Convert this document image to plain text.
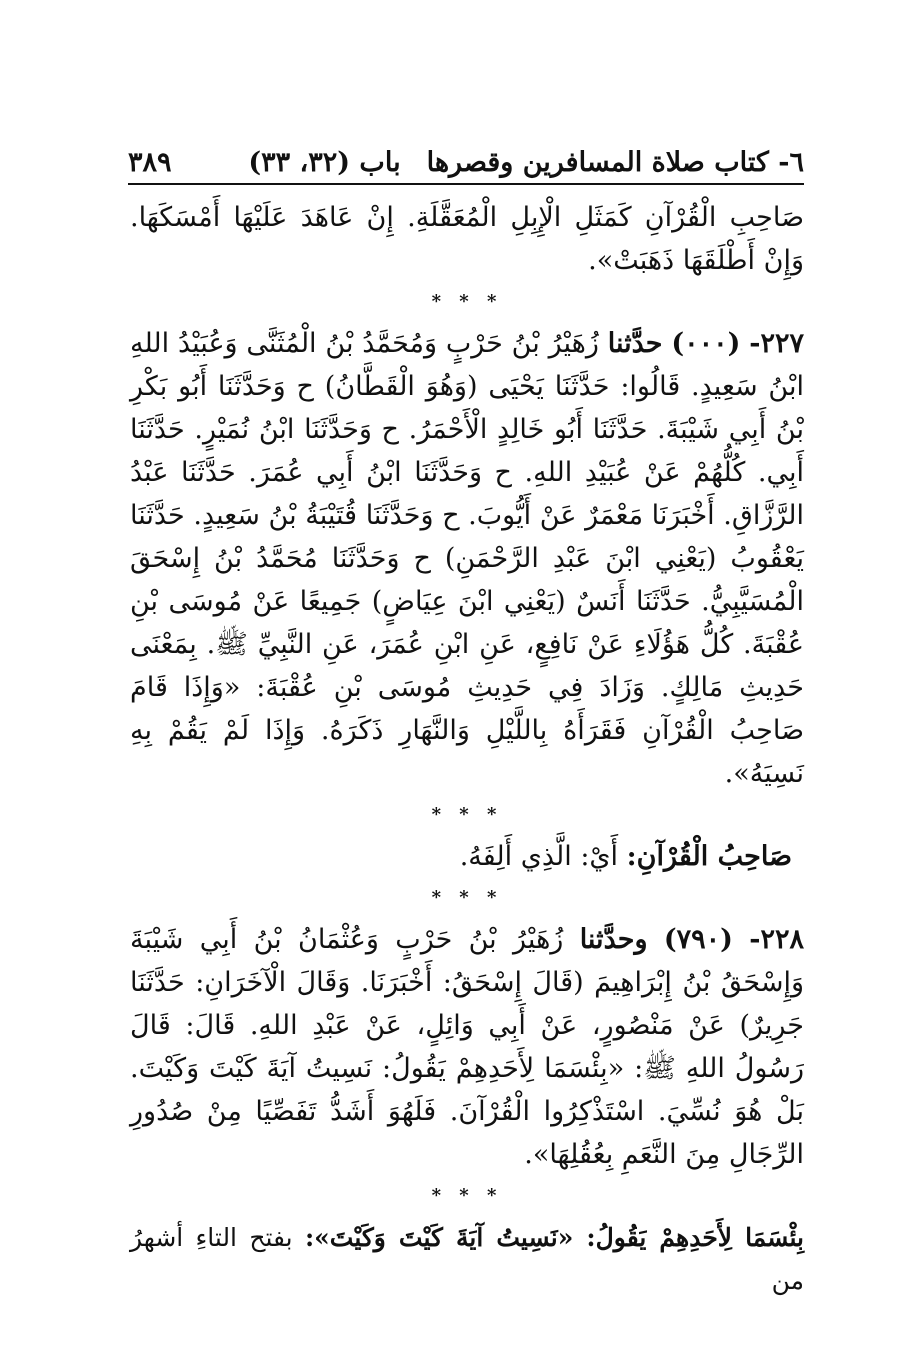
٦- كتاب صلاة المسافرين وقصرها
باب (٣٢، ٣٣)
٣٨٩

صَاحِبِ الْقُرْآنِ كَمَثَلِ الْإِبِلِ الْمُعَقَّلَةِ. إِنْ عَاهَدَ عَلَيْهَا أَمْسَكَهَا. وَإِنْ أَطْلَقَهَا ذَهَبَتْ».

* * *

٢٢٧- (٠٠٠) حدَّثنا زُهَيْرُ بْنُ حَرْبٍ وَمُحَمَّدُ بْنُ الْمُثَنَّى وَعُبَيْدُ اللهِ ابْنُ سَعِيدٍ. قَالُوا: حَدَّثَنَا يَحْيَى (وَهُوَ الْقَطَّانُ) ح وَحَدَّثَنَا أَبُو بَكْرِ بْنُ أَبِي شَيْبَةَ. حَدَّثَنَا أَبُو خَالِدٍ الْأَحْمَرُ. ح وَحَدَّثَنَا ابْنُ نُمَيْرٍ. حَدَّثَنَا أَبِي. كُلُّهُمْ عَنْ عُبَيْدِ اللهِ. ح وَحَدَّثَنَا ابْنُ أَبِي عُمَرَ. حَدَّثَنَا عَبْدُ الرَّزَّاقِ. أَخْبَرَنَا مَعْمَرٌ عَنْ أَيُّوبَ. ح وَحَدَّثَنَا قُتَيْبَةُ بْنُ سَعِيدٍ. حَدَّثَنَا يَعْقُوبُ (يَعْنِي ابْنَ عَبْدِ الرَّحْمَنِ) ح وَحَدَّثَنَا مُحَمَّدُ بْنُ إِسْحَقَ الْمُسَيَّبِيُّ. حَدَّثَنَا أَنَسٌ (يَعْنِي ابْنَ عِيَاضٍ) جَمِيعًا عَنْ مُوسَى بْنِ عُقْبَةَ. كُلُّ هَؤُلَاءِ عَنْ نَافِعٍ، عَنِ ابْنِ عُمَرَ، عَنِ النَّبِيِّ ﷺ. بِمَعْنَى حَدِيثِ مَالِكٍ. وَزَادَ فِي حَدِيثِ مُوسَى بْنِ عُقْبَةَ: «وَإِذَا قَامَ صَاحِبُ الْقُرْآنِ فَقَرَأَهُ بِاللَّيْلِ وَالنَّهَارِ ذَكَرَهُ. وَإِذَا لَمْ يَقُمْ بِهِ نَسِيَهُ».

* * *

صَاحِبُ الْقُرْآنِ: أَيْ: الَّذِي أَلِفَهُ.

* * *

٢٢٨- (٧٩٠) وحدَّثنا زُهَيْرُ بْنُ حَرْبٍ وَعُثْمَانُ بْنُ أَبِي شَيْبَةَ وَإِسْحَقُ بْنُ إِبْرَاهِيمَ (قَالَ إِسْحَقُ: أَخْبَرَنَا. وَقَالَ الْآخَرَانِ: حَدَّثَنَا جَرِيرٌ) عَنْ مَنْصُورٍ، عَنْ أَبِي وَائِلٍ، عَنْ عَبْدِ اللهِ. قَالَ: قَالَ رَسُولُ اللهِ ﷺ: «بِئْسَمَا لِأَحَدِهِمْ يَقُولُ: نَسِيتُ آيَةَ كَيْتَ وَكَيْتَ. بَلْ هُوَ نُسِّيَ. اسْتَذْكِرُوا الْقُرْآنَ. فَلَهُوَ أَشَدُّ تَفَصِّيًا مِنْ صُدُورِ الرِّجَالِ مِنَ النَّعَمِ بِعُقُلِهَا».

* * *

بِئْسَمَا لِأَحَدِهِمْ يَقُولُ: «نَسِيتُ آيَةَ كَيْتَ وَكَيْتَ»: بفتح التاءِ أشهرُ من
